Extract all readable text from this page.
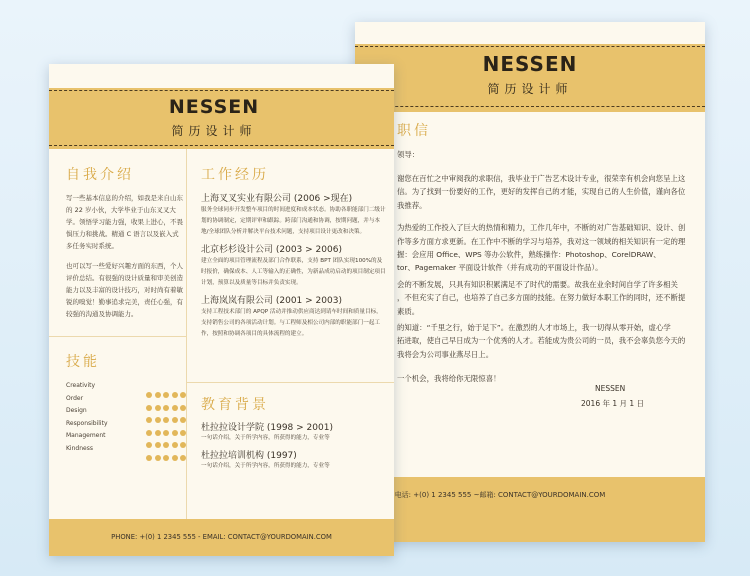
NESSEN
简历设计师
职信
领导：
谢您在百忙之中审阅我的求职信，我毕业于广告艺术设计专业，很荣幸有机会向您呈上这
信。为了找到一份要好的工作，更好的发挥自己的才能，实现自己的人生价值，谨向各位
我推荐。
为热爱的工作投入了巨大的热情和精力，工作几年中，不断的对广告基础知识、设计、创
作等多方面方求更新。在工作中不断的学习与培养，我对这一领域的相关知识有一定的理
握：会应用 Office、WPS 等办公软件，熟练操作：Photoshop、CorelDRAW、
tor、Pagemaker 平面设计软件（并有成功的平面设计作品）。
会的不断发展，只具有知识积累满足不了时代的需要。故我在业余时间自学了许多相关
，不但充实了自己，也培养了自己多方面的技能。在努力做好本职工作的同时，还不断提
素质。
的知道：“千里之行，始于足下”。在激烈的人才市场上，我一切得从零开始，虚心学
拓进取，使自己早日成为一个优秀的人才。若能成为贵公司的一员，我不会辜负您今天的
我将会为公司事业燕尽日上。
一个机会，我将给你无限惊喜！
NESSEN
2016 年 1 月 1 日
电话: +(0) 1 2345 555 ~邮箱: CONTACT@YOURDOMAIN.COM
NESSEN
简历设计师
自我介绍
写一些基本信息的介绍，如我是来自山东的 22 岁小伙，大学毕业于山东叉叉大学。领悟学习能力强，收果上进心，不畏惧压力和挑战。精通 C 语言以及嵌入式多任务实时系统。
也可以写一些爱好兴趣方面的东西，个人评价总结。有很强的设计质量和审美创造能力以及丰富的设计技巧，对时尚有着敏锐的嗅觉！勤事追求完美，责任心强，有较强的沟通及协调能力。
技能
Creativity
Order
Design
Responsibility
Management
Kindness
工作经历
上海叉叉实业有限公司 (2006 >现在)
服务全球同步开发整车项目的时间进度和成本状态。协助各职能部门二级计划的协调制定，定期评审和跟踪。跨部门沟通和协调，按期问题，并与本地/全球团队分析并解决平台技术问题，支持项目设计更改和决策。
北京杉杉设计公司 (2003 > 2006)
建立全面的项目管理流程及部门合作联系，支持 BPT 团队实现100%的及时报价，确保成本、人工等输入的正确性，为新品成功启动的项目制定项目计划，预算以及质量等目标并负责实现。
上海岚岚有限公司 (2001 > 2003)
支持工程技术部门的 APQP 活动并推动供应商达到请车时间和质量目标，支持销售公司的各项活动计划。与工程师及相公司内部的职能部门一起工作，按照和协调各项目的具体流程的建立。
教育背景
杜拉拉设计学院 (1998 > 2001)
一句话介绍，关于所学内容，所获得的能力，专业等
杜拉拉培训机构 (1997)
一句话介绍，关于所学内容，所获得的能力，专业等
PHONE: +(0) 1 2345 555 - EMAIL: CONTACT@YOURDOMAIN.COM
